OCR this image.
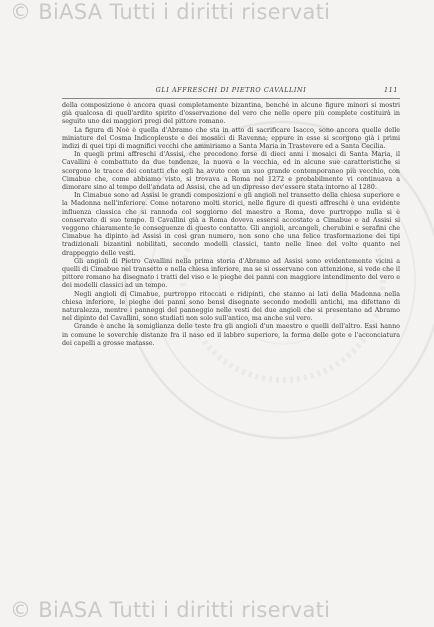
© BiASA Tutti i diritti riservati
GLI AFFRESCHI DI PIETRO CAVALLINI	111

della composizione è ancora quasi completamente bizantina, benché in alcune figure minori si mostri già qualcosa di quell'ardito spirito d'osservazione del vero che nelle opere più complete costituirà in seguito uno dei maggiori pregi del pittore romano.

La figura di Noè è quella d'Abramo che sta in atto di sacrificare Isacco, sono ancora quelle delle miniature del Cosma Indicopleuste e dei mosaici di Ravenna; eppure in esse si scorgono già i primi indizi di quei tipi di magnifici vecchi che ammiriamo a Santa Maria in Trastevere ed a Santa Cecilia.

In quegli primi affreschi d'Assisi, che precedono forse di dieci anni i mosaici di Santa Maria, il Cavallini è combattuto da due tendenze, la nuova e la vecchia, ed in alcune sue caratteristiche si scorgono le tracce dei contatti che egli ha avuto con un suo grande contemporaneo più vecchio, con Cimabue che, come abbiamo visto, si trovava a Roma nel 1272 e probabilmente vi continuava a dimorare sino al tempo dell'andata ad Assisi, che ad un dipresso dev'essere stata intorno al 1280.

In Cimabue sono ad Assisi le grandi composizioni e gli angioli nel transetto della chiesa superiore e la Madonna nell'inferiore. Come notarono molti storici, nelle figure di questi affreschi è una evidente influenza classica che si rannoda col soggiorno del maestro a Roma, dove purtroppo nulla si è conservato di suo tempo. Il Cavallini già a Roma doveva essersi accostato a Cimabue e ad Assisi si veggono chiaramente le conseguenze di questo contatto. Gli angioli, arcangeli, cherubini e serafini che Cimabue ha dipinto ad Assisi in così gran numero, non sono che una felice trasformazione dei tipi tradizionali bizantini nobilitati, secondo modelli classici, tanto nelle linee del volto quanto nel drappeggio delle vesti.

Gli angioli di Pietro Cavallini nella prima storia d'Abramo ad Assisi sono evidentemente vicini a quelli di Cimabue nel transetto e nella chiesa inferiore, ma se si osservano con attenzione, si vede che il pittore romano ha disegnato i tratti del viso e le pieghe dei panni con maggiore intendimento del vero e dei modelli classici ad un tempo.

Negli angioli di Cimabue, purtroppo ritoccati e ridipinti, che stanno ai lati della Madonna nella chiesa inferiore, le pieghe dei panni sono bensì disegnate secondo modelli antichi, ma difettano di naturalezza, mentre i panneggi del panneggio nelle vesti dei due angioli che si presentano ad Abramo nel dipinto del Cavallini, sono studiati non solo sull'antico, ma anche sul vero.

Grande è anche la somiglianza delle teste fra gli angioli d'un maestro e quelli dell'altro. Essi hanno in comune le soverchie distanze fra il naso ed il labbro superiore, la forma delle gote e l'acconciatura dei capelli a grosse matasse.

© BiASA Tutti i diritti riservati
